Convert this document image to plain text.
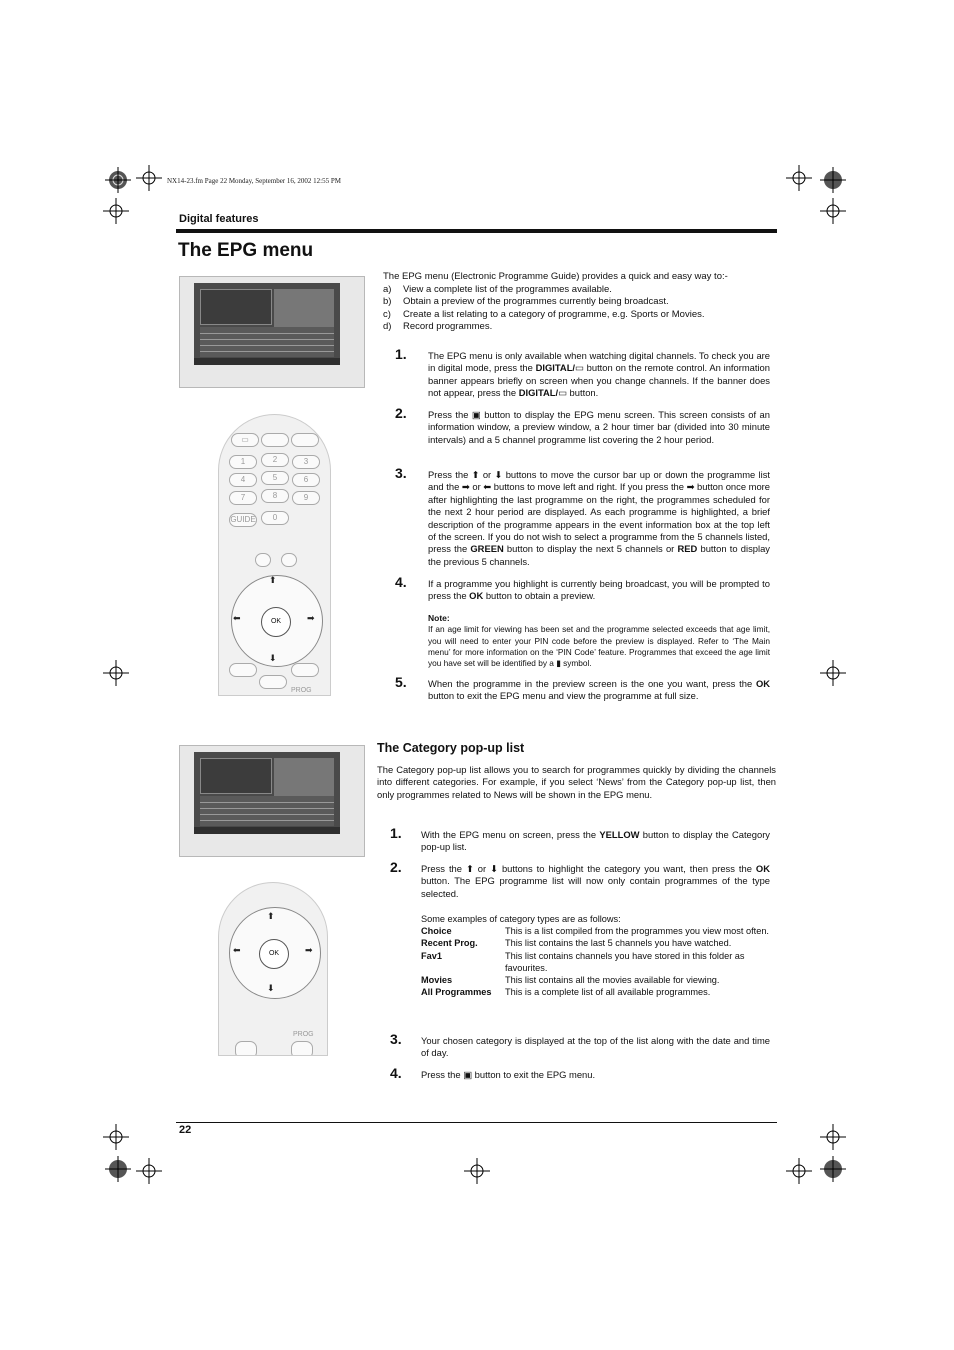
NX14-23.fm Page 22 Monday, September 16, 2002 12:55 PM
Digital features
The EPG menu
▭
1	2	3
4	5	6
7	8	9
GUIDE	0
OK
⬆
⬇
⬅	➡
PROG

The EPG menu (Electronic Programme Guide) provides a quick and easy way to:-

a)	View a complete list of the programmes available.
b)	Obtain a preview of the programmes currently being broadcast.
c)	Create a list relating to a category of programme, e.g. Sports or Movies.
d)	Record programmes.
1. The EPG menu is only available when watching digital channels. To check you are in digital mode, press the DIGITAL/▭ button on the remote control. An information banner appears briefly on screen when you change channels. If the banner does not appear, press the DIGITAL/▭ button.
2. Press the ▣ button to display the EPG menu screen. This screen consists of an information window, a preview window, a 2 hour timer bar (divided into 30 minute intervals) and a 5 channel programme list covering the 2 hour period.
3. Press the ⬆ or ⬇ buttons to move the cursor bar up or down the programme list and the ➡ or ⬅ buttons to move left and right. If you press the ➡ button once more after highlighting the last programme on the right, the programmes scheduled for the next 2 hour period are displayed. As each programme is highlighted, a brief description of the programme appears in the event information box at the top left of the screen. If you do not wish to select a programme from the 5 channels listed, press the GREEN button to display the next 5 channels or RED button to display the previous 5 channels.
4. If a programme you highlight is currently being broadcast, you will be prompted to press the OK button to obtain a preview.
Note:
If an age limit for viewing has been set and the programme selected exceeds that age limit, you will need to enter your PIN code before the preview is displayed. Refer to ‘The Main menu’ for more information on the ‘PIN Code’ feature. Programmes that exceed the age limit you have set will be identified by a ▮ symbol.
5. When the programme in the preview screen is the one you want, press the OK button to exit the EPG menu and view the programme at full size.
OK
⬆
⬇
⬅	➡
PROG
The Category pop-up list
The Category pop-up list allows you to search for programmes quickly by dividing the channels into different categories. For example, if you select ‘News’ from the Category pop-up list, then only programmes related to News will be shown in the EPG menu.
1. With the EPG menu on screen, press the YELLOW button to display the Category pop-up list.
2. Press the ⬆ or ⬇ buttons to highlight the category you want, then press the OK button. The EPG programme list will now only contain programmes of the type selected.
Some examples of category types are as follows:
Choice	This is a list compiled from the programmes you view most often.
Recent Prog.	This list contains the last 5 channels you have watched.
Fav1	This list contains channels you have stored in this folder as favourites.
Movies	This list contains all the movies available for viewing.
All Programmes	This is a complete list of all available programmes.
3. Your chosen category is displayed at the top of the list along with the date and time of day.
4. Press the ▣ button to exit the EPG menu.
22
